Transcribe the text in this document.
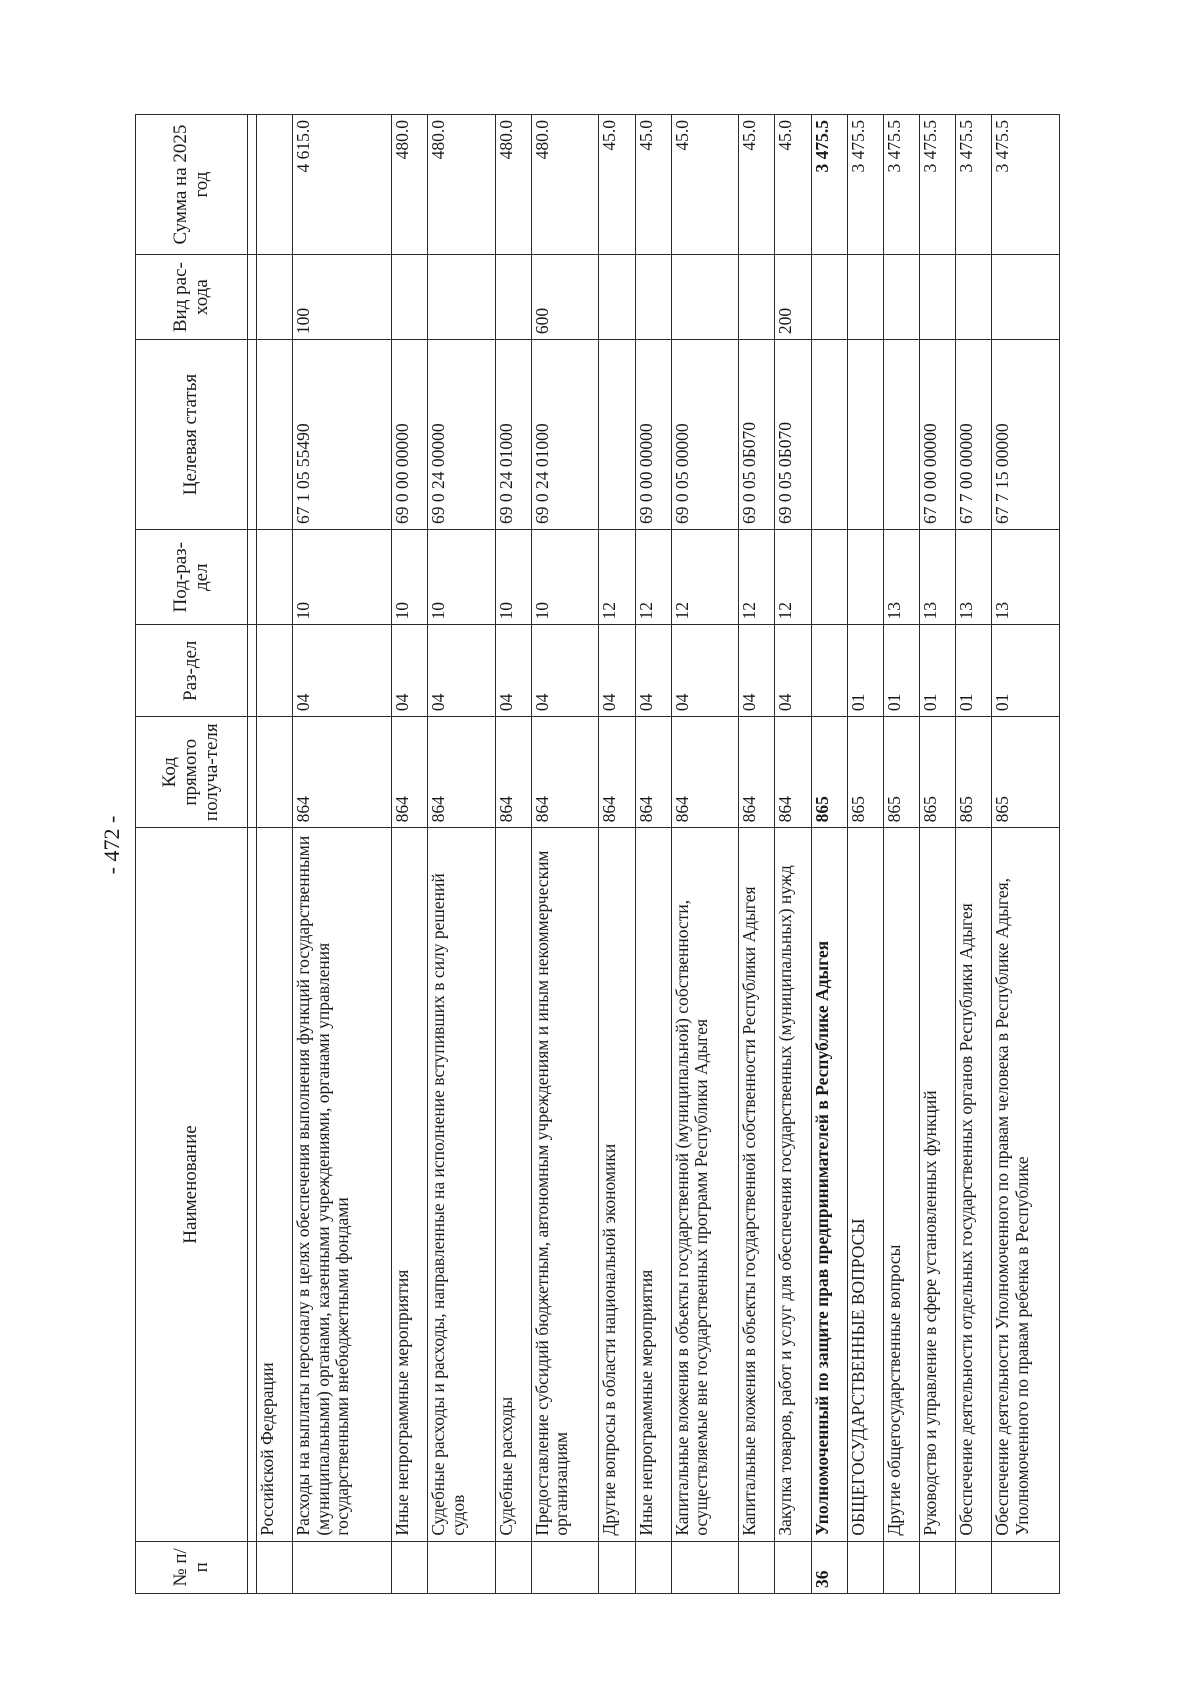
- 472 -
№ п/п	Наименование	Код прямого получа-теля	Раз-дел	Под-раз-дел	Целевая статья	Вид рас-хода	Сумма на 2025 год

	Российской Федерации						
	Расходы на выплаты персоналу в целях обеспечения выполнения функций государственными (муниципальными) органами, казенными учреждениями, органами управления государственными внебюджетными фондами	864	04	10	67 1 05 55490	100	4 615.0
	Иные непрограммные мероприятия	864	04	10	69 0 00 00000		480.0
	Судебные расходы и расходы, направленные на исполнение вступивших в силу решений судов	864	04	10	69 0 24 00000		480.0
	Судебные расходы	864	04	10	69 0 24 01000		480.0
	Предоставление субсидий бюджетным, автономным учреждениям и иным некоммерческим организациям	864	04	10	69 0 24 01000	600	480.0
	Другие вопросы в области национальной экономики	864	04	12			45.0
	Иные непрограммные мероприятия	864	04	12	69 0 00 00000		45.0
	Капитальные вложения в объекты государственной (муниципальной) собственности, осуществляемые вне государственных программ Республики Адыгея	864	04	12	69 0 05 00000		45.0
	Капитальные вложения в объекты государственной собственности Республики Адыгея	864	04	12	69 0 05 0Б070		45.0
	Закупка товаров, работ и услуг для обеспечения государственных (муниципальных) нужд	864	04	12	69 0 05 0Б070	200	45.0
36	Уполномоченный по защите прав предпринимателей в Республике Адыгея	865					3 475.5
	ОБЩЕГОСУДАРСТВЕННЫЕ ВОПРОСЫ	865	01				3 475.5
	Другие общегосударственные вопросы	865	01	13			3 475.5
	Руководство и управление в сфере установленных функций	865	01	13	67 0 00 00000		3 475.5
	Обеспечение деятельности отдельных государственных органов Республики Адыгея	865	01	13	67 7 00 00000		3 475.5
	Обеспечение деятельности Уполномоченного по правам человека в Республике Адыгея, Уполномоченного по правам ребенка в Республике	865	01	13	67 7 15 00000		3 475.5
